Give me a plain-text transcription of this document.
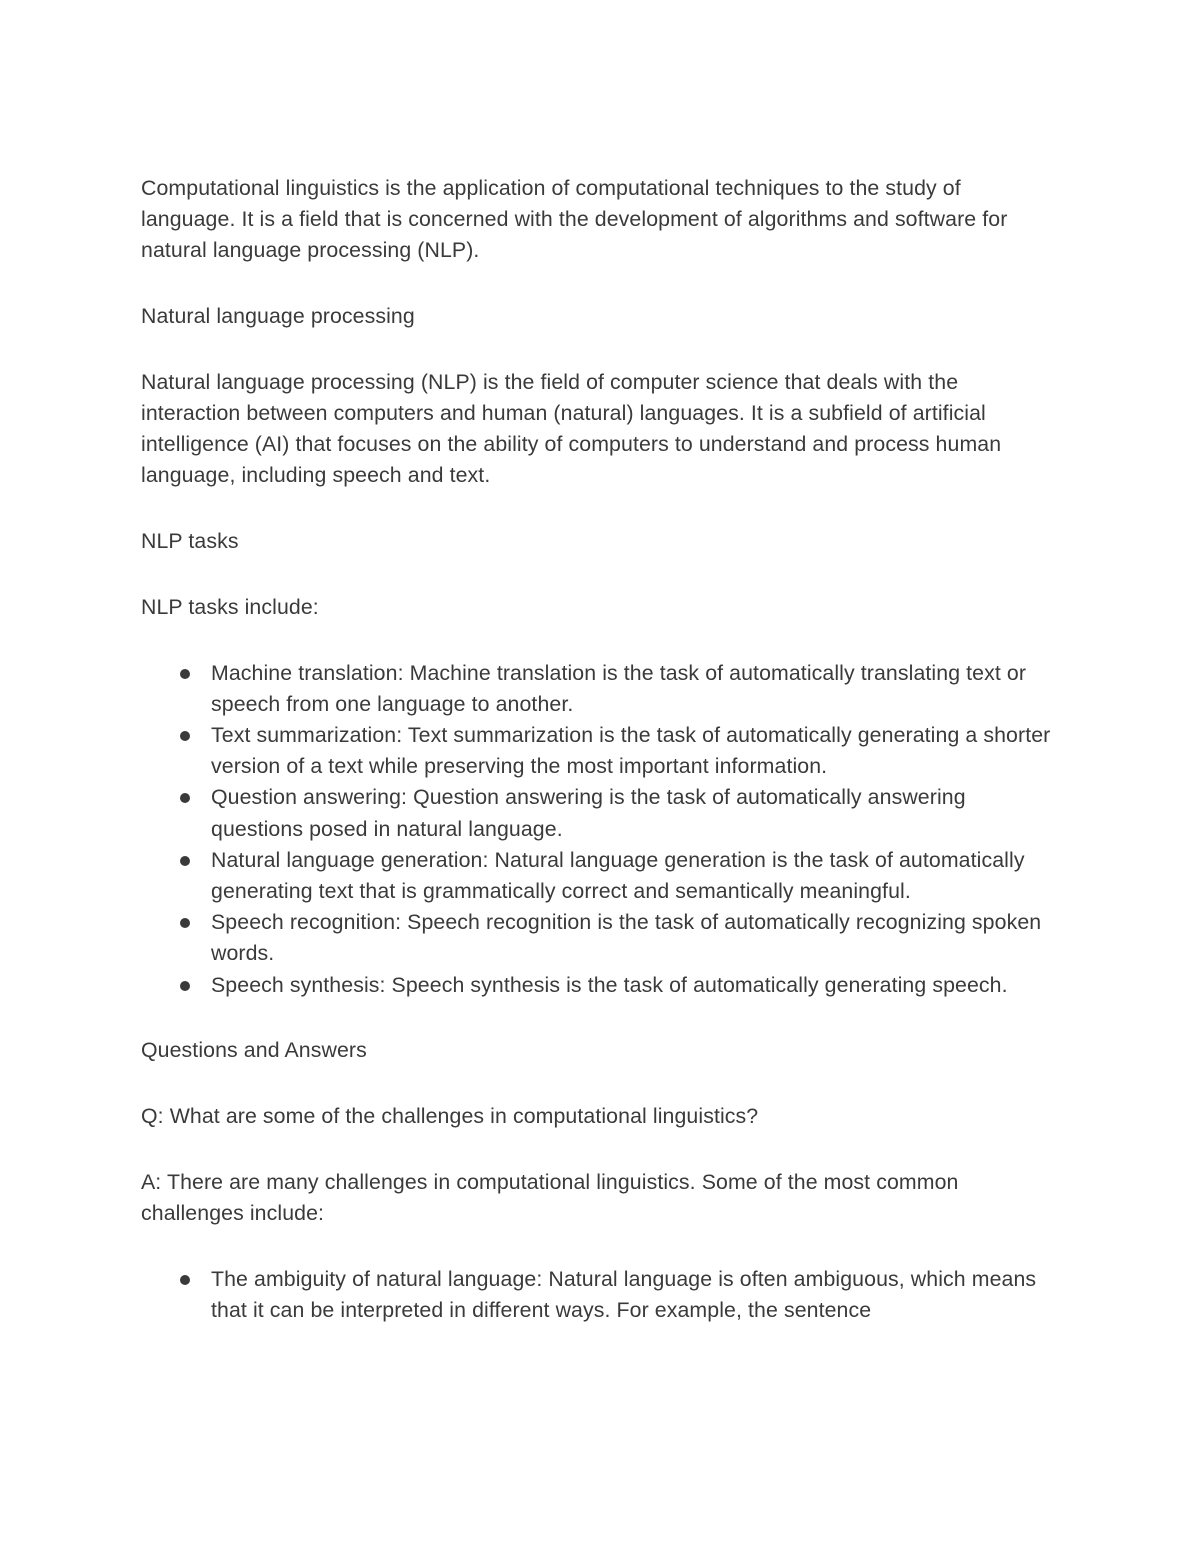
Computational linguistics is the application of computational techniques to the study of language. It is a field that is concerned with the development of algorithms and software for natural language processing (NLP).

Natural language processing

Natural language processing (NLP) is the field of computer science that deals with the interaction between computers and human (natural) languages. It is a subfield of artificial intelligence (AI) that focuses on the ability of computers to understand and process human language, including speech and text.

NLP tasks

NLP tasks include:

Machine translation: Machine translation is the task of automatically translating text or speech from one language to another.
Text summarization: Text summarization is the task of automatically generating a shorter version of a text while preserving the most important information.
Question answering: Question answering is the task of automatically answering questions posed in natural language.
Natural language generation: Natural language generation is the task of automatically generating text that is grammatically correct and semantically meaningful.
Speech recognition: Speech recognition is the task of automatically recognizing spoken words.
Speech synthesis: Speech synthesis is the task of automatically generating speech.

Questions and Answers

Q: What are some of the challenges in computational linguistics?

A: There are many challenges in computational linguistics. Some of the most common challenges include:

The ambiguity of natural language: Natural language is often ambiguous, which means that it can be interpreted in different ways. For example, the sentence
